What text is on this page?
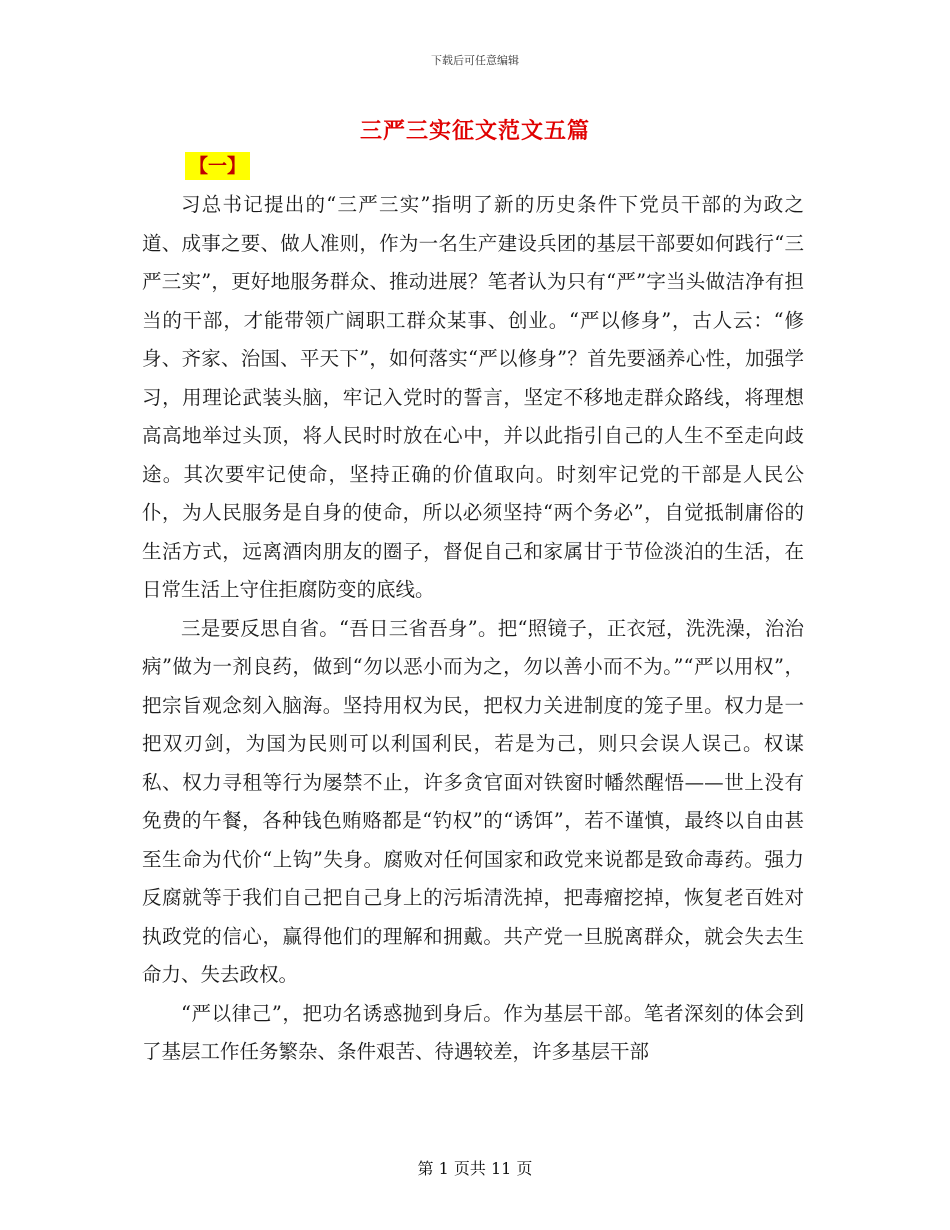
下载后可任意编辑
三严三实征文范文五篇
【一】

习总书记提出的“三严三实”指明了新的历史条件下党员干部的为政之道、成事之要、做人准则，作为一名生产建设兵团的基层干部要如何践行“三严三实”，更好地服务群众、推动进展？笔者认为只有“严”字当头做洁净有担当的干部，才能带领广阔职工群众某事、创业。“严以修身”，古人云：“修身、齐家、治国、平天下”，如何落实“严以修身”？首先要涵养心性，加强学习，用理论武装头脑，牢记入党时的誓言，坚定不移地走群众路线，将理想高高地举过头顶，将人民时时放在心中，并以此指引自己的人生不至走向歧途。其次要牢记使命，坚持正确的价值取向。时刻牢记党的干部是人民公仆，为人民服务是自身的使命，所以必须坚持“两个务必”，自觉抵制庸俗的生活方式，远离酒肉朋友的圈子，督促自己和家属甘于节俭淡泊的生活，在日常生活上守住拒腐防变的底线。

三是要反思自省。“吾日三省吾身”。把“照镜子，正衣冠，洗洗澡，治治病”做为一剂良药，做到“勿以恶小而为之，勿以善小而不为。”“严以用权”，把宗旨观念刻入脑海。坚持用权为民，把权力关进制度的笼子里。权力是一把双刃剑，为国为民则可以利国利民，若是为己，则只会误人误己。权谋私、权力寻租等行为屡禁不止，许多贪官面对铁窗时幡然醒悟——世上没有免费的午餐，各种钱色贿赂都是“钓权”的“诱饵”，若不谨慎，最终以自由甚至生命为代价“上钩”失身。腐败对任何国家和政党来说都是致命毒药。强力反腐就等于我们自己把自己身上的污垢清洗掉，把毒瘤挖掉，恢复老百姓对执政党的信心，赢得他们的理解和拥戴。共产党一旦脱离群众，就会失去生命力、失去政权。

“严以律己”，把功名诱惑抛到身后。作为基层干部。笔者深刻的体会到了基层工作任务繁杂、条件艰苦、待遇较差，许多基层干部

第 1 页共 11 页
